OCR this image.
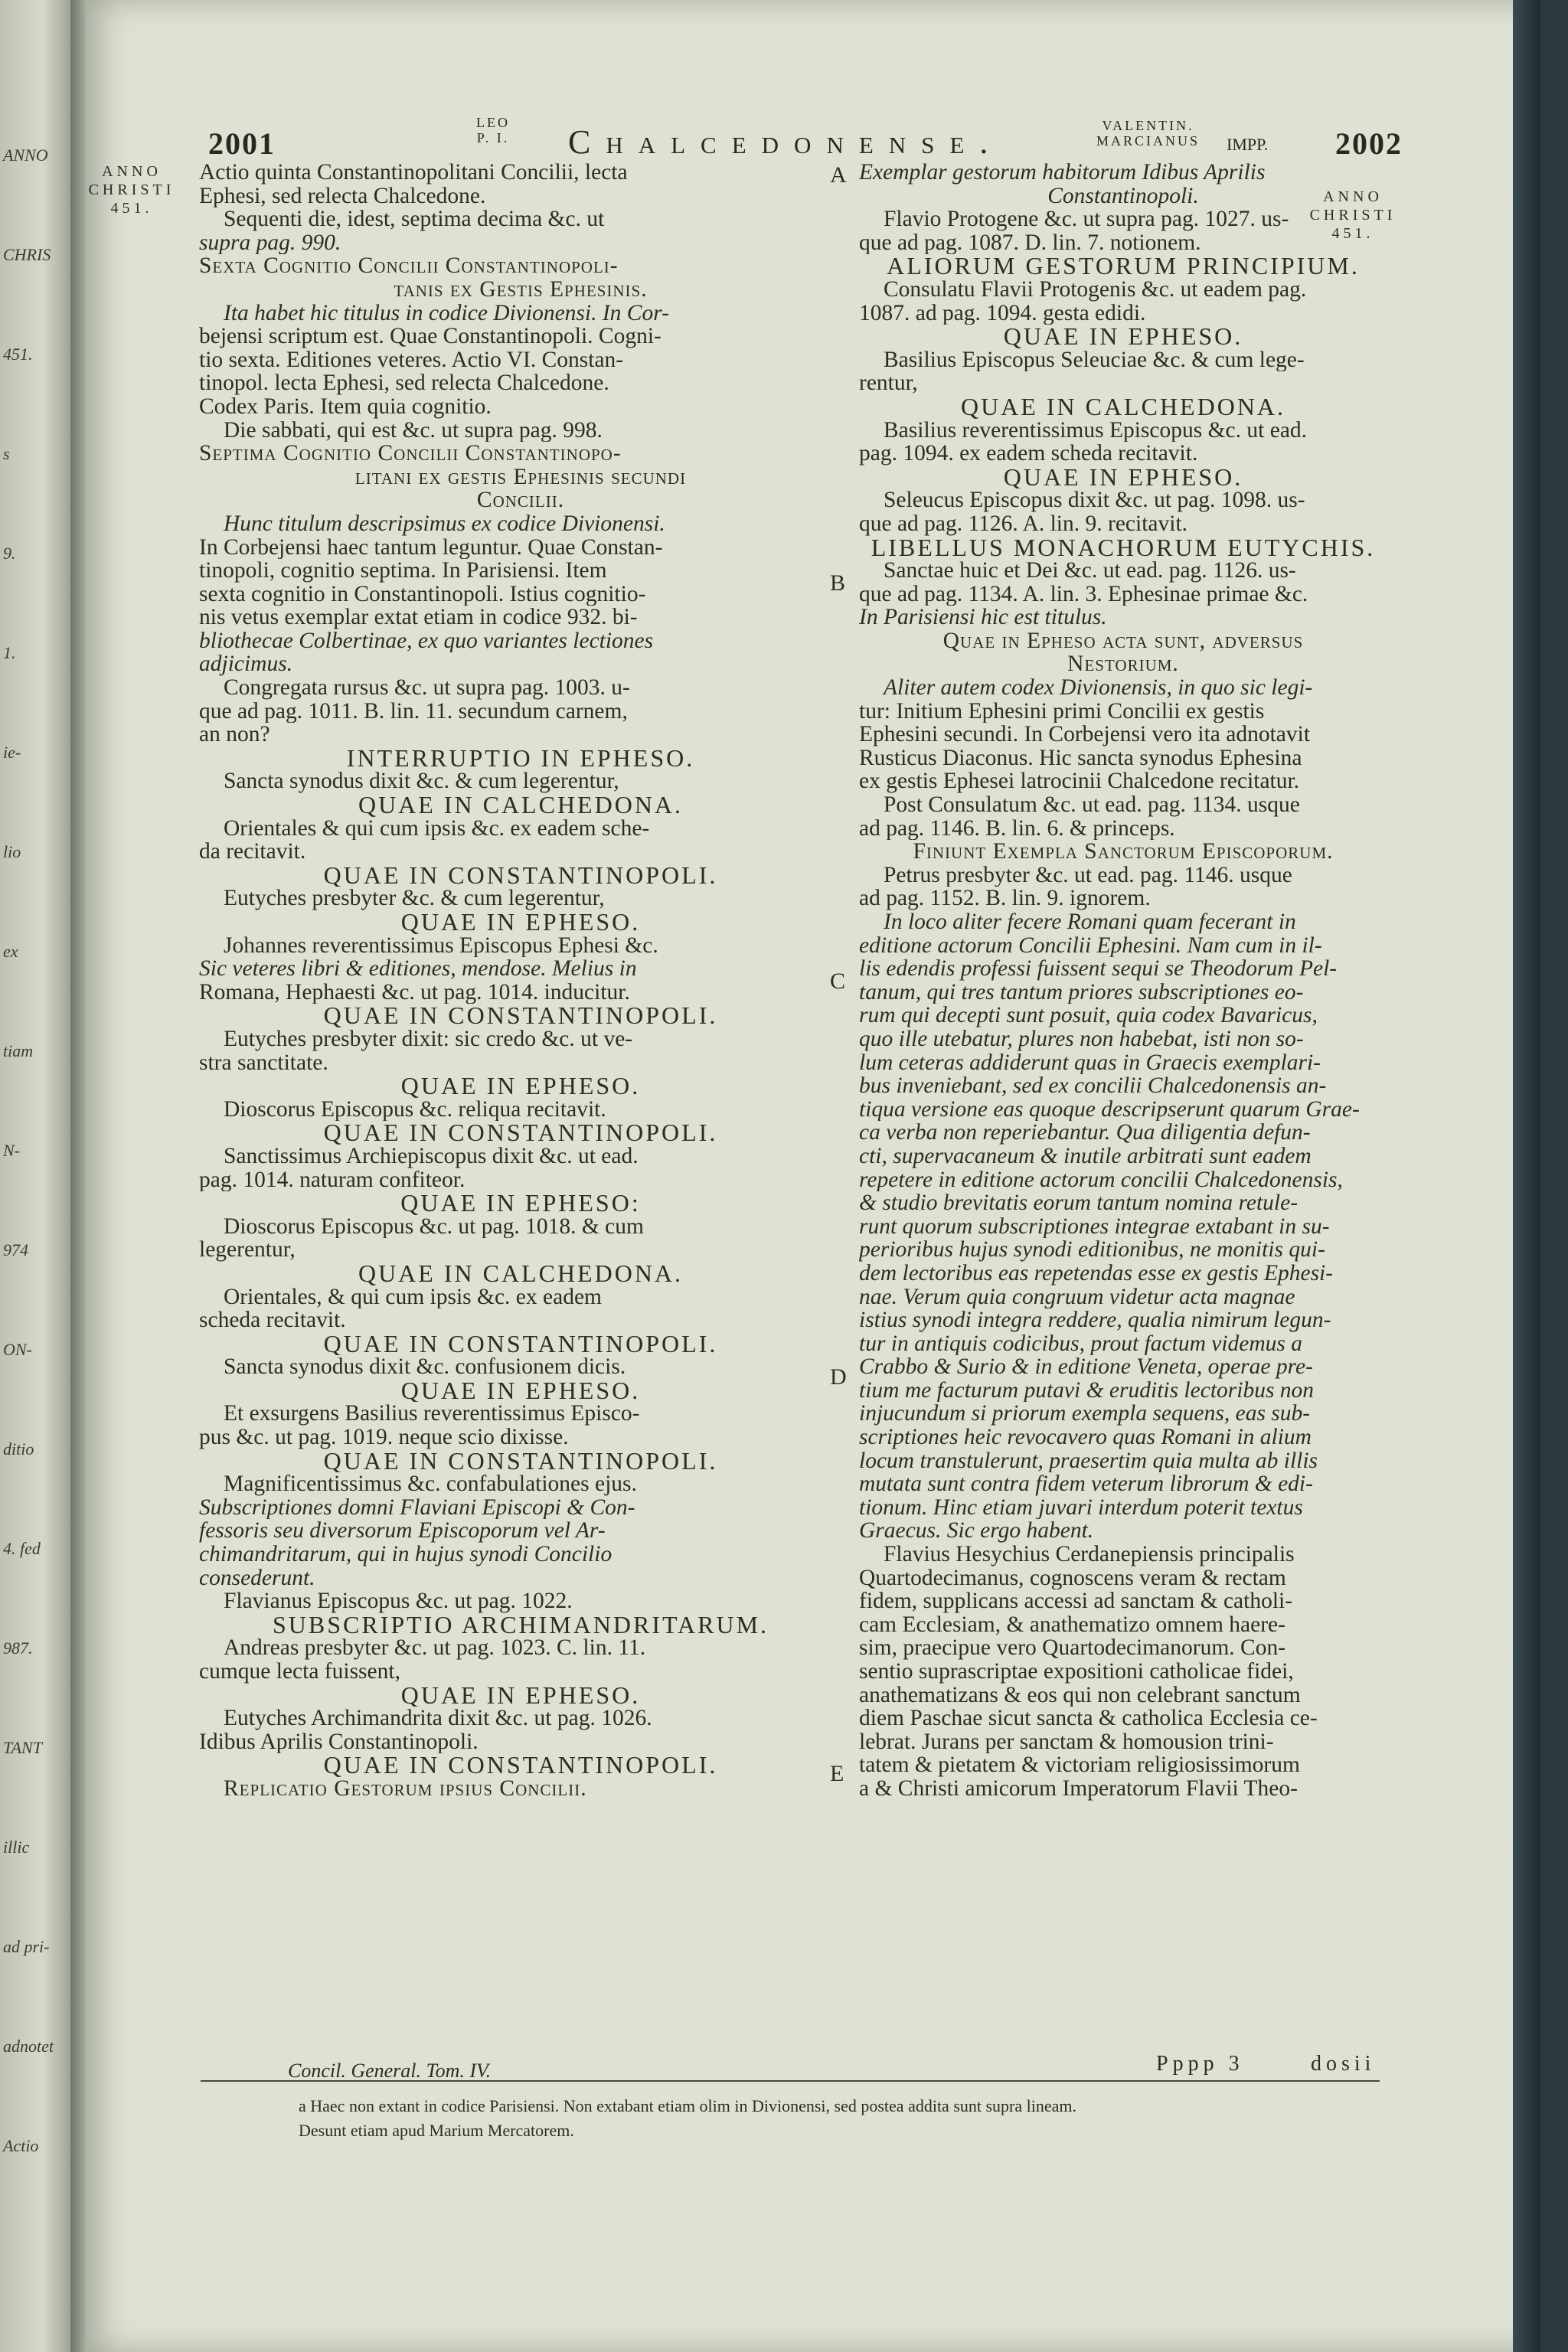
ANNO
CHRIS
451.
s
9.
1.
ie-
lio
ex
tiam
N-
974
ON-
ditio
4. fed
987.
TANT
illic
ad pri-
adnotet
Actio
2001
LEO
P. I. Chalcedonense.	VALENTIN.
MARCIANUS IMPP. 2002
ANNO
CHRISTI
451.
ANNO
CHRISTI
451.
Actio quinta Constantinopolitani Concilii, lecta
Ephesi, sed relecta Chalcedone.
Sequenti die, idest, septima decima &c. ut
supra pag. 990.
Sexta Cognitio Concilii Constantinopoli-
tanis ex Gestis Ephesinis.
Ita habet hic titulus in codice Divionensi. In Cor-
bejensi scriptum est. Quae Constantinopoli. Cogni-
tio sexta. Editiones veteres. Actio VI. Constan-
tinopol. lecta Ephesi, sed relecta Chalcedone.
Codex Paris. Item quia cognitio.
Die sabbati, qui est &c. ut supra pag. 998.
Septima Cognitio Concilii Constantinopo-
litani ex gestis Ephesinis secundi
Concilii.
Hunc titulum descripsimus ex codice Divionensi.
In Corbejensi haec tantum leguntur. Quae Constan-
tinopoli, cognitio septima. In Parisiensi. Item
sexta cognitio in Constantinopoli. Istius cognitio-
nis vetus exemplar extat etiam in codice 932. bi-
bliothecae Colbertinae, ex quo variantes lectiones
adjicimus.
Congregata rursus &c. ut supra pag. 1003. u-
que ad pag. 1011. B. lin. 11. secundum carnem,
an non?
INTERRUPTIO IN EPHESO.
Sancta synodus dixit &c. & cum legerentur,
QUAE IN CALCHEDONA.
Orientales & qui cum ipsis &c. ex eadem sche-
da recitavit.
QUAE IN CONSTANTINOPOLI.
Eutyches presbyter &c. & cum legerentur,
QUAE IN EPHESO.
Johannes reverentissimus Episcopus Ephesi &c.
Sic veteres libri & editiones, mendose. Melius in
Romana, Hephaesti &c. ut pag. 1014. inducitur.
QUAE IN CONSTANTINOPOLI.
Eutyches presbyter dixit: sic credo &c. ut ve-
stra sanctitate.
QUAE IN EPHESO.
Dioscorus Episcopus &c. reliqua recitavit.
QUAE IN CONSTANTINOPOLI.
Sanctissimus Archiepiscopus dixit &c. ut ead.
pag. 1014. naturam confiteor.
QUAE IN EPHESO:
Dioscorus Episcopus &c. ut pag. 1018. & cum
legerentur,
QUAE IN CALCHEDONA.
Orientales, & qui cum ipsis &c. ex eadem
scheda recitavit.
QUAE IN CONSTANTINOPOLI.
Sancta synodus dixit &c. confusionem dicis.
QUAE IN EPHESO.
Et exsurgens Basilius reverentissimus Episco-
pus &c. ut pag. 1019. neque scio dixisse.
QUAE IN CONSTANTINOPOLI.
Magnificentissimus &c. confabulationes ejus.
Subscriptiones domni Flaviani Episcopi & Con-
fessoris seu diversorum Episcoporum vel Ar-
chimandritarum, qui in hujus synodi Concilio
consederunt.
Flavianus Episcopus &c. ut pag. 1022.
SUBSCRIPTIO ARCHIMANDRITARUM.
Andreas presbyter &c. ut pag. 1023. C. lin. 11.
cumque lecta fuissent,
QUAE IN EPHESO.
Eutyches Archimandrita dixit &c. ut pag. 1026.
Idibus Aprilis Constantinopoli.
QUAE IN CONSTANTINOPOLI.
Replicatio Gestorum ipsius Concilii.
Exemplar gestorum habitorum Idibus Aprilis
Constantinopoli.
Flavio Protogene &c. ut supra pag. 1027. us-
que ad pag. 1087. D. lin. 7. notionem.
ALIORUM GESTORUM PRINCIPIUM.
Consulatu Flavii Protogenis &c. ut eadem pag.
1087. ad pag. 1094. gesta edidi.
QUAE IN EPHESO.
Basilius Episcopus Seleuciae &c. & cum lege-
rentur,
QUAE IN CALCHEDONA.
Basilius reverentissimus Episcopus &c. ut ead.
pag. 1094. ex eadem scheda recitavit.
QUAE IN EPHESO.
Seleucus Episcopus dixit &c. ut pag. 1098. us-
que ad pag. 1126. A. lin. 9. recitavit.
LIBELLUS MONACHORUM EUTYCHIS.
Sanctae huic et Dei &c. ut ead. pag. 1126. us-
que ad pag. 1134. A. lin. 3. Ephesinae primae &c.
In Parisiensi hic est titulus.
Quae in Epheso acta sunt, adversus
Nestorium.
Aliter autem codex Divionensis, in quo sic legi-
tur: Initium Ephesini primi Concilii ex gestis
Ephesini secundi. In Corbejensi vero ita adnotavit
Rusticus Diaconus. Hic sancta synodus Ephesina
ex gestis Ephesei latrocinii Chalcedone recitatur.
Post Consulatum &c. ut ead. pag. 1134. usque
ad pag. 1146. B. lin. 6. & princeps.
Finiunt Exempla Sanctorum Episcoporum.
Petrus presbyter &c. ut ead. pag. 1146. usque
ad pag. 1152. B. lin. 9. ignorem.
In loco aliter fecere Romani quam fecerant in
editione actorum Concilii Ephesini. Nam cum in il-
lis edendis professi fuissent sequi se Theodorum Pel-
tanum, qui tres tantum priores subscriptiones eo-
rum qui decepti sunt posuit, quia codex Bavaricus,
quo ille utebatur, plures non habebat, isti non so-
lum ceteras addiderunt quas in Graecis exemplari-
bus inveniebant, sed ex concilii Chalcedonensis an-
tiqua versione eas quoque descripserunt quarum Grae-
ca verba non reperiebantur. Qua diligentia defun-
cti, supervacaneum & inutile arbitrati sunt eadem
repetere in editione actorum concilii Chalcedonensis,
& studio brevitatis eorum tantum nomina retule-
runt quorum subscriptiones integrae extabant in su-
perioribus hujus synodi editionibus, ne monitis qui-
dem lectoribus eas repetendas esse ex gestis Ephesi-
nae. Verum quia congruum videtur acta magnae
istius synodi integra reddere, qualia nimirum legun-
tur in antiquis codicibus, prout factum videmus a
Crabbo & Surio & in editione Veneta, operae pre-
tium me facturum putavi & eruditis lectoribus non
injucundum si priorum exempla sequens, eas sub-
scriptiones heic revocavero quas Romani in alium
locum transtulerunt, praesertim quia multa ab illis
mutata sunt contra fidem veterum librorum & edi-
tionum. Hinc etiam juvari interdum poterit textus
Graecus. Sic ergo habent.
Flavius Hesychius Cerdanepiensis principalis
Quartodecimanus, cognoscens veram & rectam
fidem, supplicans accessi ad sanctam & catholi-
cam Ecclesiam, & anathematizo omnem haere-
sim, praecipue vero Quartodecimanorum. Con-
sentio suprascriptae expositioni catholicae fidei,
anathematizans & eos qui non celebrant sanctum
diem Paschae sicut sancta & catholica Ecclesia ce-
lebrat. Jurans per sanctam & homousion trini-
tatem & pietatem & victoriam religiosissimorum
a & Christi amicorum Imperatorum Flavii Theo-
A
B
C
D
E
Concil. General. Tom. IV.	Pppp 3	dosii
a Haec non extant in codice Parisiensi. Non extabant etiam olim in Divionensi, sed postea addita sunt supra lineam.
Desunt etiam apud Marium Mercatorem.
